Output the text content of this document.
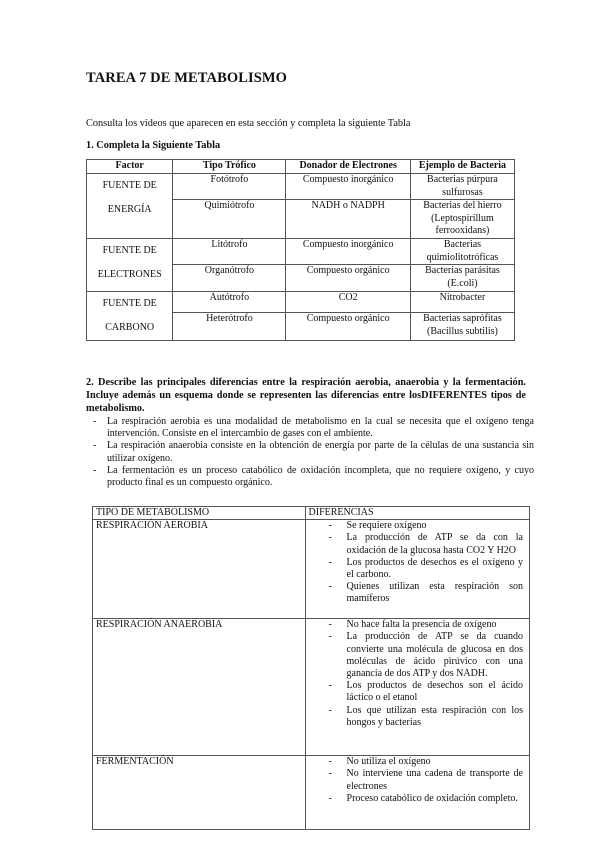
TAREA 7 DE METABOLISMO
Consulta los videos que aparecen en esta sección y completa la siguiente Tabla
1. Completa la Siguiente Tabla
Factor	Tipo Trófico	Donador de Electrones	Ejemplo de Bacteria

FUENTE DE
ENERGÍA	Fotótrofo	Compuesto inorgánico	Bacterias púrpura sulfurosas
	Quimiótrofo	NADH o NADPH	Bacterias del hierro (Leptospirillum ferrooxidans)

FUENTE DE
ELECTRONES	Litótrofo	Compuesto inorgánico	Bacterias quimiolitotróficas
	Organótrofo	Compuesto orgánico	Bacterias parásitas (E.coli)

FUENTE DE
CARBONO	Autótrofo	CO2	Nitrobacter
	Heterótrofo	Compuesto orgánico	Bacterias saprófitas (Bacillus subtilis)
2. Describe las principales diferencias entre la respiración aerobia, anaerobia y la fermentación. Incluye además un esquema donde se representen las diferencias entre losDIFERENTES tipos de metabolismo.
- La respiración aerobia es una modalidad de metabolismo en la cual se necesita que el oxígeno tenga intervención. Consiste en el intercambio de gases con el ambiente.
- La respiración anaerobia consiste en la obtención de energía por parte de la células de una sustancia sin utilizar oxígeno.
- La fermentación es un proceso catabólico de oxidación incompleta, que no requiere oxígeno, y cuyo producto final es un compuesto orgánico.
TIPO DE METABOLISMO	DIFERENCIAS
RESPIRACIÓN AEROBIA	- Se requiere oxígeno
- La producción de ATP se da con la oxidación de la glucosa hasta CO2 Y H2O
- Los productos de desechos es el oxígeno y el carbono.
- Quienes utilizan esta respiración son mamíferos

RESPIRACIÓN ANAEROBIA	- No hace falta la presencia de oxígeno
- La producción de ATP se da cuando convierte una molécula de glucosa en dos moléculas de ácido pirúvico con una ganancia de dos ATP y dos NADH.
- Los productos de desechos son el ácido láctico o el etanol
- Los que utilizan esta respiración con los hongos y bacterias

FERMENTACIÓN	- No utiliza el oxígeno
- No interviene una cadena de transporte de electrones
- Proceso catabólico de oxidación completo.
